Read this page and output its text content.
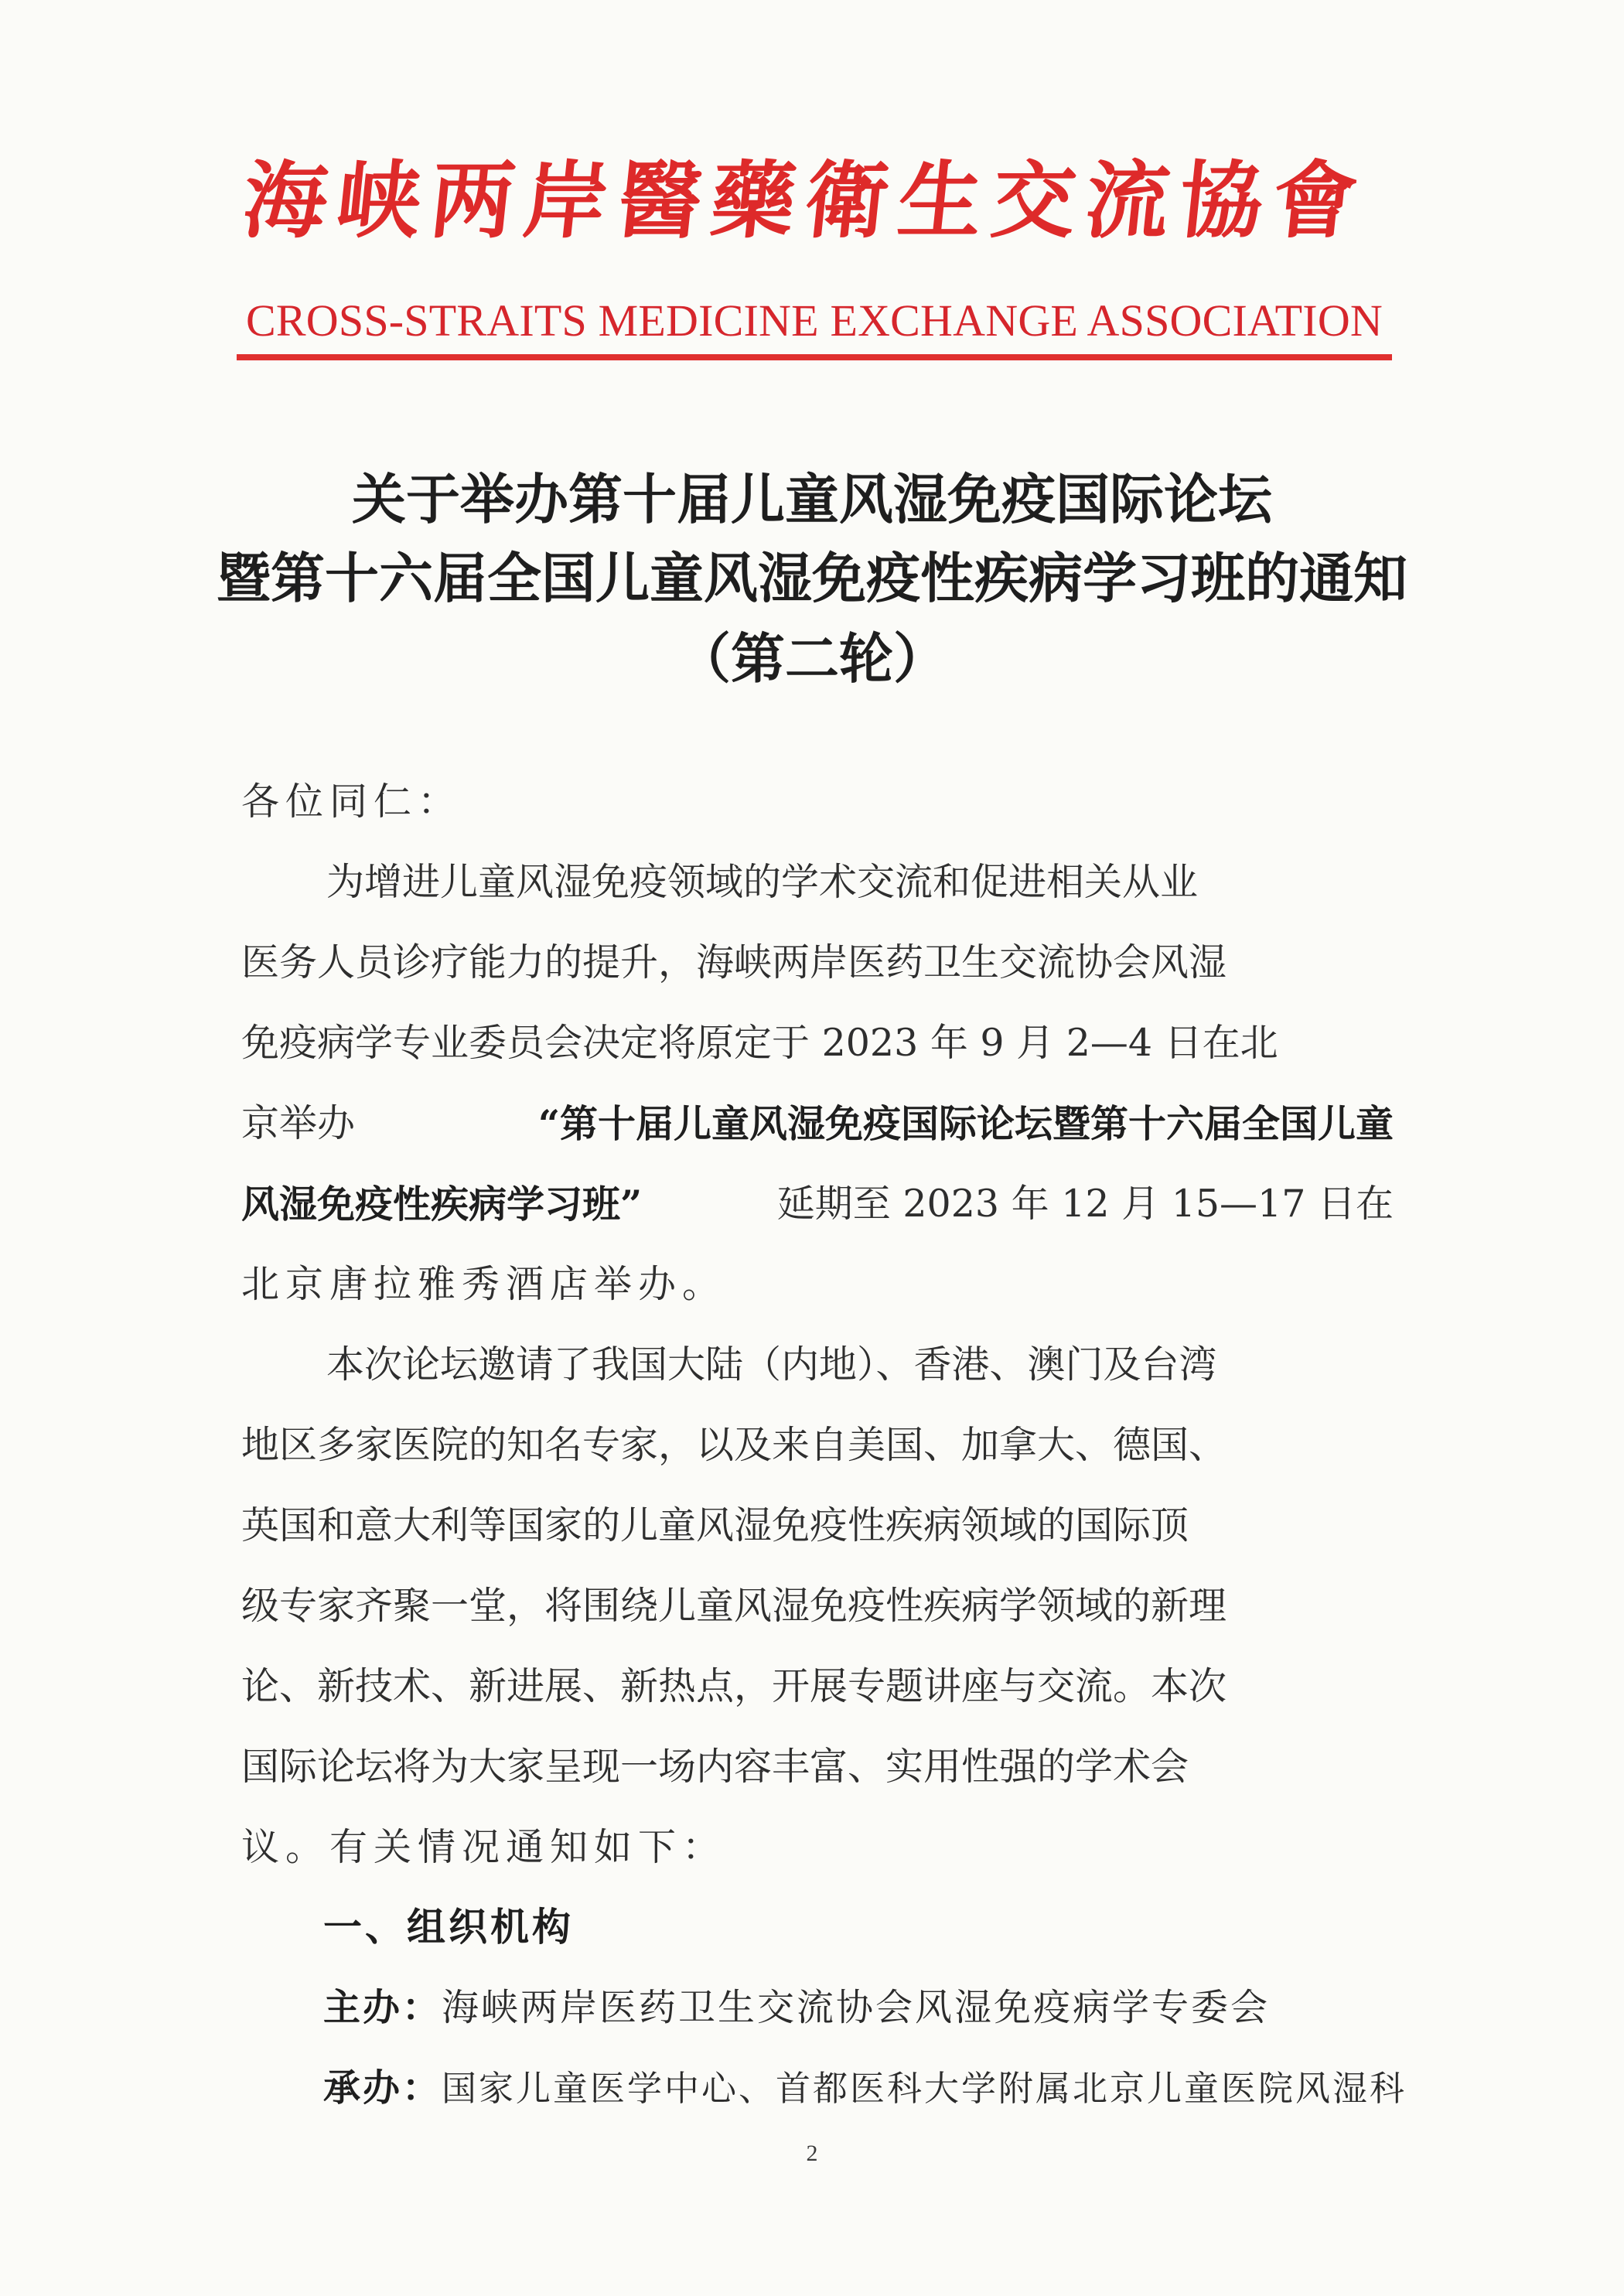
海 峡 两 岸 醫 藥 衛 生 交 流 協 會
CROSS-STRAITS MEDICINE EXCHANGE ASSOCIATION
关于举办第十届儿童风湿免疫国际论坛
暨第十六届全国儿童风湿免疫性疾病学习班的通知
（第二轮）
各位同仁：
为增进儿童风湿免疫领域的学术交流和促进相关从业
医务人员诊疗能力的提升，海峡两岸医药卫生交流协会风湿
免疫病学专业委员会决定将原定于 2023 年 9 月 2—4 日在北
京举办	“第十届儿童风湿免疫国际论坛暨第十六届全国儿童
风湿免疫性疾病学习班”	延期至 2023 年 12 月 15—17 日在
北京唐拉雅秀酒店举办。
本次论坛邀请了我国大陆（内地）、香港、澳门及台湾
地区多家医院的知名专家，以及来自美国、加拿大、德国、
英国和意大利等国家的儿童风湿免疫性疾病领域的国际顶
级专家齐聚一堂，将围绕儿童风湿免疫性疾病学领域的新理
论、新技术、新进展、新热点，开展专题讲座与交流。本次
国际论坛将为大家呈现一场内容丰富、实用性强的学术会
议。有关情况通知如下：
一、组织机构
主办：海峡两岸医药卫生交流协会风湿免疫病学专委会
承办：国家儿童医学中心、首都医科大学附属北京儿童医院风湿科
2
